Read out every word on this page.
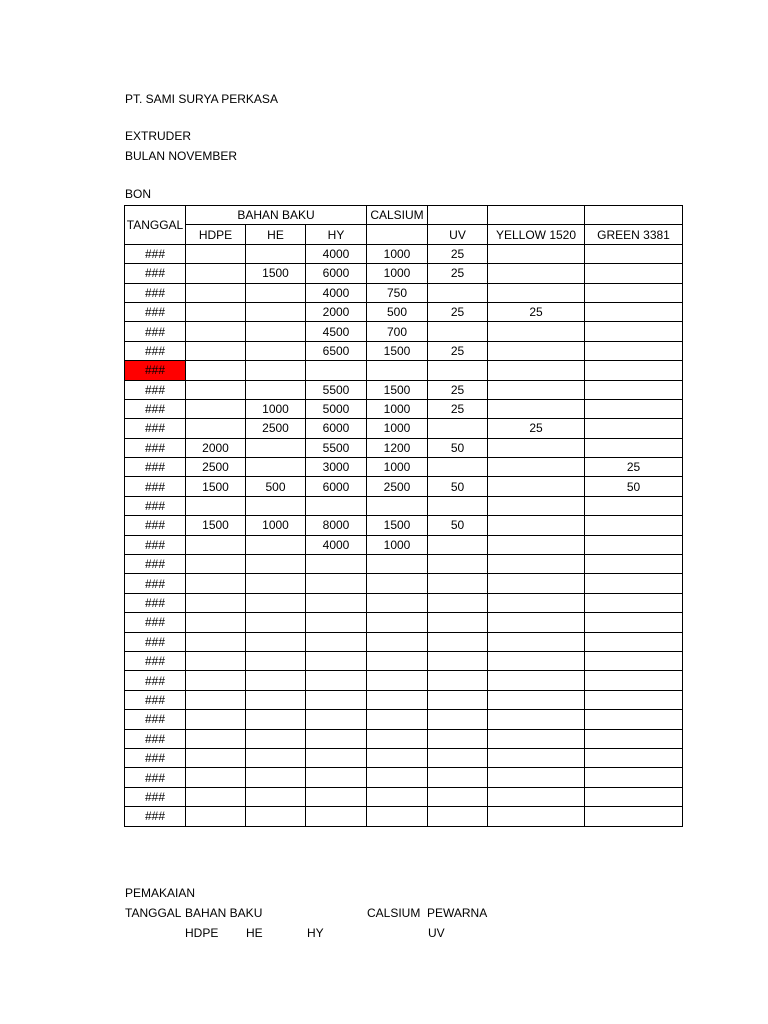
PT. SAMI SURYA PERKASA
EXTRUDER
BULAN NOVEMBER
BON
TANGGAL	BAHAN BAKU			CALSIUM			
	HDPE	HE	HY		UV	YELLOW 1520	GREEN 3381
###			4000	1000	25		
###		1500	6000	1000	25		
###			4000	750			
###			2000	500	25	25	
###			4500	700			
###			6500	1500	25		
###							
###			5500	1500	25		
###		1000	5000	1000	25		
###		2500	6000	1000		25	
###	2000		5500	1200	50		
###	2500		3000	1000			25
###	1500	500	6000	2500	50		50
###							
###	1500	1000	8000	1500	50		
###			4000	1000			
###							
###							
###							
###							
###							
###							
###							
###							
###							
###							
###							
###							
###							
###							
PEMAKAIAN
TANGGAL BAHAN BAKU	CALSIUM PEWARNA
HDPE HE	HY	UV
